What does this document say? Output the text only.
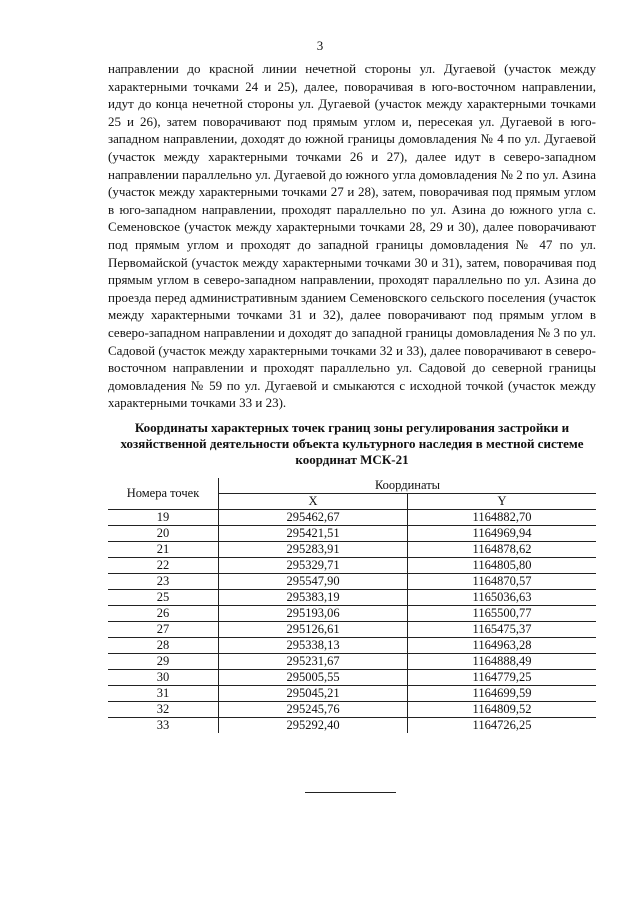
3

направлении до красной линии нечетной стороны ул. Дугаевой (участок между характерными точками 24 и 25), далее, поворачивая в юго-восточном направлении, идут до конца нечетной стороны ул. Дугаевой (участок между характерными точками 25 и 26), затем поворачивают под прямым углом и, пересекая ул. Дугаевой в юго-западном направлении, доходят до южной границы домовладения № 4 по ул. Дугаевой (участок между характерными точками 26 и 27), далее идут в северо-западном направлении параллельно ул. Дугаевой до южного угла домовладения № 2 по ул. Азина (участок между характерными точками 27 и 28), затем, поворачивая под прямым углом в юго-западном направлении, проходят параллельно по ул. Азина до южного угла с. Семеновское (участок между характерными точками 28, 29 и 30), далее поворачивают под прямым углом и проходят до западной границы домовладения № 47 по ул. Первомайской (участок между характерными точками 30 и 31), затем, поворачивая под прямым углом в северо-западном направлении, проходят параллельно по ул. Азина до проезда перед административным зданием Семеновского сельского поселения (участок между характерными точками 31 и 32), далее поворачивают под прямым углом в северо-западном направлении и доходят до западной границы домовладения № 3 по ул. Садовой (участок между характерными точками 32 и 33), далее поворачивают в северо-восточном направлении и проходят параллельно ул. Садовой до северной границы домовладения № 59 по ул. Дугаевой и смыкаются с исходной точкой (участок между характерными точками 33 и 23).

Координаты характерных точек границ зоны регулирования застройки и хозяйственной деятельности объекта культурного наследия в местной системе координат МСК-21

Номера точек	Координаты	
	X	Y
19	295462,67	1164882,70
20	295421,51	1164969,94
21	295283,91	1164878,62
22	295329,71	1164805,80
23	295547,90	1164870,57
25	295383,19	1165036,63
26	295193,06	1165500,77
27	295126,61	1165475,37
28	295338,13	1164963,28
29	295231,67	1164888,49
30	295005,55	1164779,25
31	295045,21	1164699,59
32	295245,76	1164809,52
33	295292,40	1164726,25
